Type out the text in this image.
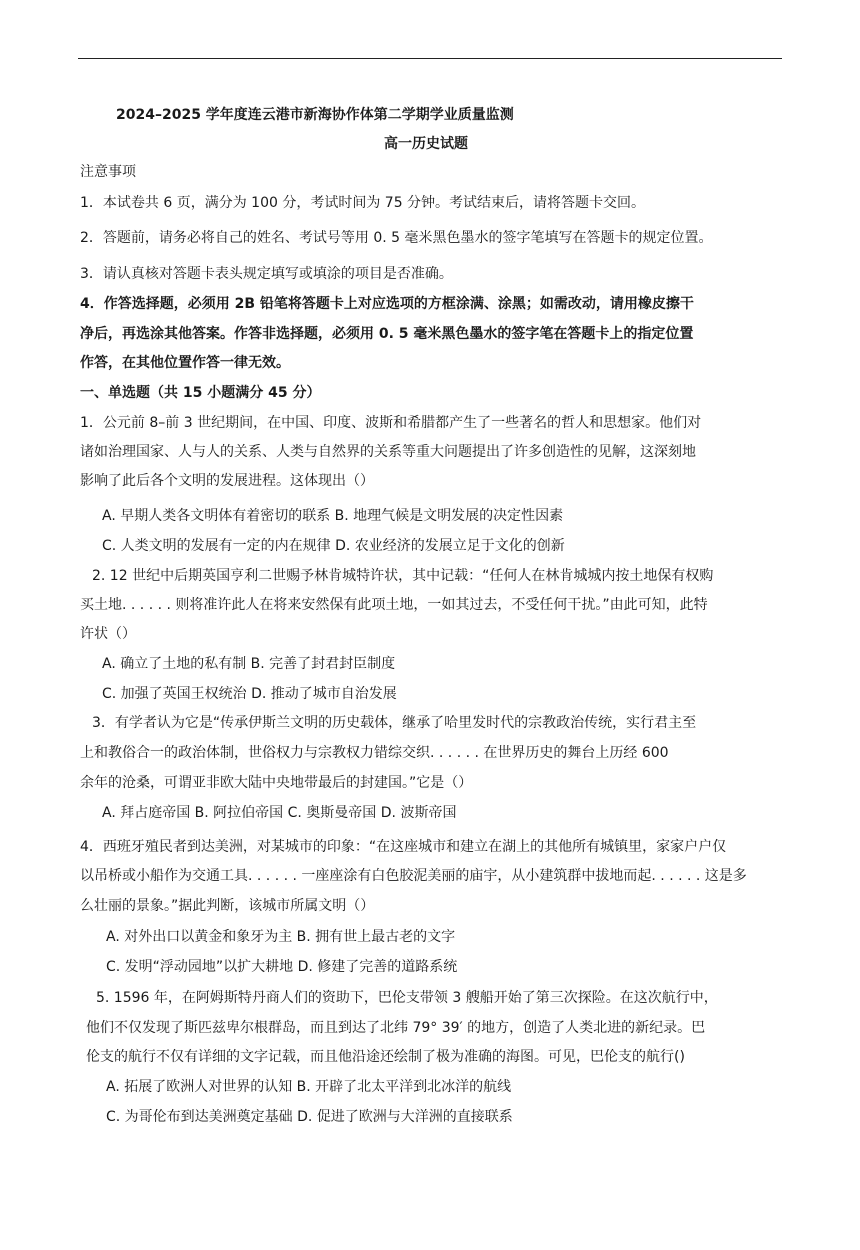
2024–2025 学年度连云港市新海协作体第二学期学业质量监测
高一历史试题
注意事项
1．本试卷共 6 页，满分为 100 分，考试时间为 75 分钟。考试结束后，请将答题卡交回。
2．答题前，请务必将自己的姓名、考试号等用 0. 5 毫米黑色墨水的签字笔填写在答题卡的规定位置。
3．请认真核对答题卡表头规定填写或填涂的项目是否准确。
4．作答选择题，必须用 2B 铅笔将答题卡上对应选项的方框涂满、涂黑；如需改动，请用橡皮擦干
净后，再选涂其他答案。作答非选择题，必须用 0. 5 毫米黑色墨水的签字笔在答题卡上的指定位置
作答，在其他位置作答一律无效。
一、单选题（共 15 小题满分 45 分）
1．公元前 8–前 3 世纪期间，在中国、印度、波斯和希腊都产生了一些著名的哲人和思想家。他们对
诸如治理国家、人与人的关系、人类与自然界的关系等重大问题提出了许多创造性的见解，这深刻地
影响了此后各个文明的发展进程。这体现出（）
A. 早期人类各文明体有着密切的联系 B. 地理气候是文明发展的决定性因素
C. 人类文明的发展有一定的内在规律 D. 农业经济的发展立足于文化的创新
2. 12 世纪中后期英国亨利二世赐予林肯城特许状，其中记载：“任何人在林肯城城内按土地保有权购
买土地. . . . . . 则将准许此人在将来安然保有此项土地，一如其过去，不受任何干扰。”由此可知，此特
许状（）
A. 确立了土地的私有制 B. 完善了封君封臣制度
C. 加强了英国王权统治 D. 推动了城市自治发展
3．有学者认为它是“传承伊斯兰文明的历史载体，继承了哈里发时代的宗教政治传统，实行君主至
上和教俗合一的政治体制，世俗权力与宗教权力错综交织. . . . . . 在世界历史的舞台上历经 600
余年的沧桑，可谓亚非欧大陆中央地带最后的封建国。”它是（）
A. 拜占庭帝国 B. 阿拉伯帝国 C. 奥斯曼帝国 D. 波斯帝国
4．西班牙殖民者到达美洲，对某城市的印象：“在这座城市和建立在湖上的其他所有城镇里，家家户户仅
以吊桥或小船作为交通工具. . . . . . 一座座涂有白色胶泥美丽的庙宇，从小建筑群中拔地而起. . . . . . 这是多
么壮丽的景象。”据此判断，该城市所属文明（）
A. 对外出口以黄金和象牙为主 B. 拥有世上最古老的文字
C. 发明“浮动园地”以扩大耕地 D. 修建了完善的道路系统
5. 1596 年，在阿姆斯特丹商人们的资助下，巴伦支带领 3 艘船开始了第三次探险。在这次航行中，
他们不仅发现了斯匹兹卑尔根群岛，而且到达了北纬 79° 39′ 的地方，创造了人类北进的新纪录。巴
伦支的航行不仅有详细的文字记载，而且他沿途还绘制了极为准确的海图。可见，巴伦支的航行()
A. 拓展了欧洲人对世界的认知 B. 开辟了北太平洋到北冰洋的航线
C. 为哥伦布到达美洲奠定基础 D. 促进了欧洲与大洋洲的直接联系
